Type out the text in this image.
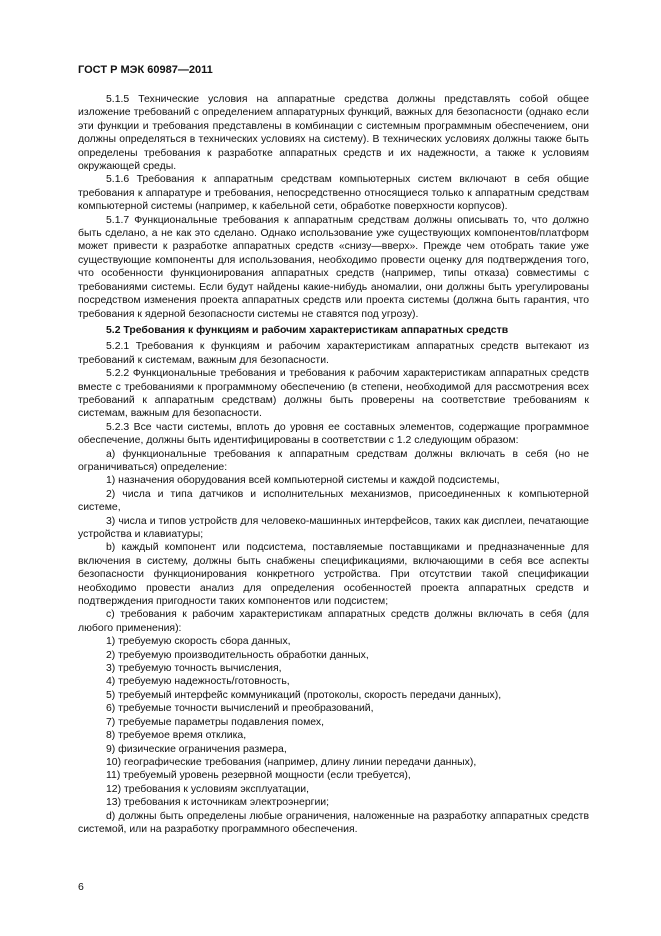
ГОСТ Р МЭК 60987—2011

5.1.5 Технические условия на аппаратные средства должны представлять собой общее изложение требований с определением аппаратурных функций, важных для безопасности (однако если эти функции и требования представлены в комбинации с системным программным обеспечением, они должны определяться в технических условиях на систему). В технических условиях должны также быть определены требования к разработке аппаратных средств и их надежности, а также к условиям окружающей среды.

5.1.6 Требования к аппаратным средствам компьютерных систем включают в себя общие требования к аппаратуре и требования, непосредственно относящиеся только к аппаратным средствам компьютерной системы (например, к кабельной сети, обработке поверхности корпусов).

5.1.7 Функциональные требования к аппаратным средствам должны описывать то, что должно быть сделано, а не как это сделано. Однако использование уже существующих компонентов/платформ может привести к разработке аппаратных средств «снизу—вверх». Прежде чем отобрать такие уже существующие компоненты для использования, необходимо провести оценку для подтверждения того, что особенности функционирования аппаратных средств (например, типы отказа) совместимы с требованиями системы. Если будут найдены какие-нибудь аномалии, они должны быть урегулированы посредством изменения проекта аппаратных средств или проекта системы (должна быть гарантия, что требования к ядерной безопасности системы не ставятся под угрозу).

5.2 Требования к функциям и рабочим характеристикам аппаратных средств

5.2.1 Требования к функциям и рабочим характеристикам аппаратных средств вытекают из требований к системам, важным для безопасности.

5.2.2 Функциональные требования и требования к рабочим характеристикам аппаратных средств вместе с требованиями к программному обеспечению (в степени, необходимой для рассмотрения всех требований к аппаратным средствам) должны быть проверены на соответствие требованиям к системам, важным для безопасности.

5.2.3 Все части системы, вплоть до уровня ее составных элементов, содержащие программное обеспечение, должны быть идентифицированы в соответствии с 1.2 следующим образом:

a) функциональные требования к аппаратным средствам должны включать в себя (но не ограничиваться) определение:

1) назначения оборудования всей компьютерной системы и каждой подсистемы,

2) числа и типа датчиков и исполнительных механизмов, присоединенных к компьютерной системе,

3) числа и типов устройств для человеко-машинных интерфейсов, таких как дисплеи, печатающие устройства и клавиатуры;

b) каждый компонент или подсистема, поставляемые поставщиками и предназначенные для включения в систему, должны быть снабжены спецификациями, включающими в себя все аспекты безопасности функционирования конкретного устройства. При отсутствии такой спецификации необходимо провести анализ для определения особенностей проекта аппаратных средств и подтверждения пригодности таких компонентов или подсистем;

c) требования к рабочим характеристикам аппаратных средств должны включать в себя (для любого применения):

1) требуемую скорость сбора данных,

2) требуемую производительность обработки данных,

3) требуемую точность вычисления,

4) требуемую надежность/готовность,

5) требуемый интерфейс коммуникаций (протоколы, скорость передачи данных),

6) требуемые точности вычислений и преобразований,

7) требуемые параметры подавления помех,

8) требуемое время отклика,

9) физические ограничения размера,

10) географические требования (например, длину линии передачи данных),

11) требуемый уровень резервной мощности (если требуется),

12) требования к условиям эксплуатации,

13) требования к источникам электроэнергии;

d) должны быть определены любые ограничения, наложенные на разработку аппаратных средств системой, или на разработку программного обеспечения.

6
